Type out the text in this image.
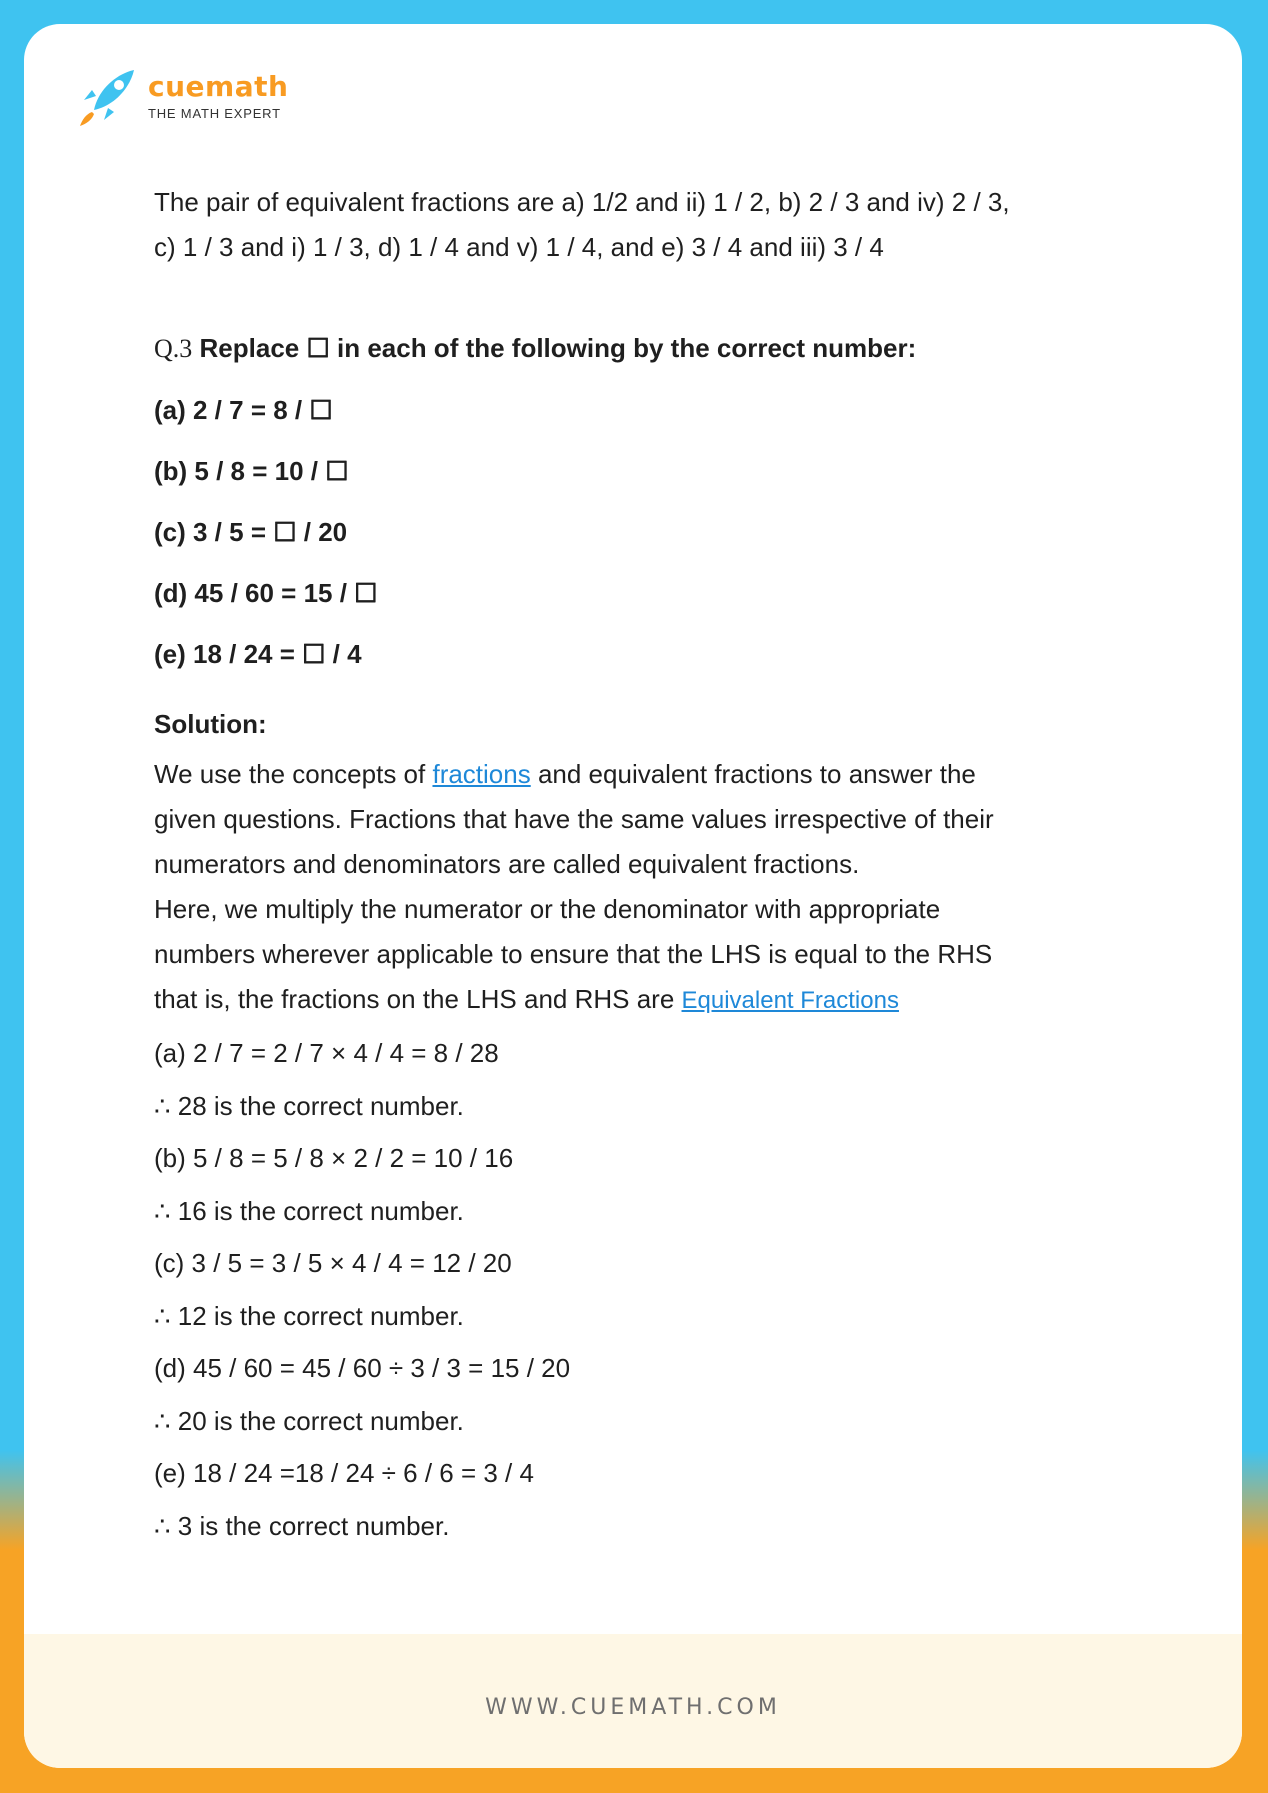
cuemath
THE MATH EXPERT
The pair of equivalent fractions are a) 1/2 and ii) 1 / 2, b) 2 / 3 and iv) 2 / 3,
c) 1 / 3 and i) 1 / 3, d) 1 / 4 and v) 1 / 4, and e) 3 / 4 and iii) 3 / 4
Q.3 Replace ☐ in each of the following by the correct number:
(a) 2 / 7 = 8 / ☐
(b) 5 / 8 = 10 / ☐
(c) 3 / 5 = ☐ / 20
(d) 45 / 60 = 15 / ☐
(e) 18 / 24 = ☐ / 4
Solution:
We use the concepts of fractions and equivalent fractions to answer the
given questions. Fractions that have the same values irrespective of their
numerators and denominators are called equivalent fractions.
Here, we multiply the numerator or the denominator with appropriate
numbers wherever applicable to ensure that the LHS is equal to the RHS
that is, the fractions on the LHS and RHS are Equivalent Fractions
(a) 2 / 7 = 2 / 7 × 4 / 4 = 8 / 28
∴ 28 is the correct number.
(b) 5 / 8 = 5 / 8 × 2 / 2 = 10 / 16
∴ 16 is the correct number.
(c) 3 / 5 = 3 / 5 × 4 / 4 = 12 / 20
∴ 12 is the correct number.
(d) 45 / 60 = 45 / 60 ÷ 3 / 3 = 15 / 20
∴ 20 is the correct number.
(e) 18 / 24 =18 / 24 ÷ 6 / 6 = 3 / 4
∴ 3 is the correct number.
WWW.CUEMATH.COM
